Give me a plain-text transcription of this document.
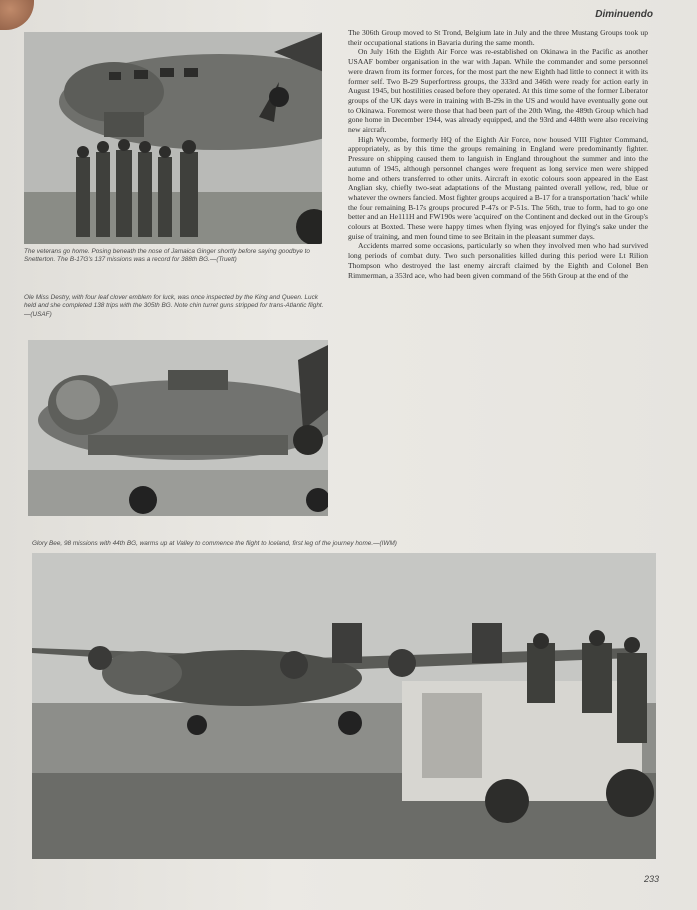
Diminuendo
The veterans go home. Posing beneath the nose of Jamaica Ginger shortly before saying goodbye to Snetterton. The B-17G's 137 missions was a record for 388th BG.—(Truett)
Ole Miss Destry, with four leaf clover emblem for luck, was once inspected by the King and Queen. Luck held and she completed 138 trips with the 305th BG. Note chin turret guns stripped for trans-Atlantic flight.—(USAF)

The 306th Group moved to St Trond, Belgium late in July and the three Mustang Groups took up their occupational stations in Bavaria during the same month.

On July 16th the Eighth Air Force was re-established on Okinawa in the Pacific as another USAAF bomber organisation in the war with Japan. While the commander and some personnel were drawn from its former forces, for the most part the new Eighth had little to connect it with its former self. Two B-29 Superfortress groups, the 333rd and 346th were ready for action early in August 1945, but hostilities ceased before they operated. At this time some of the former Liberator groups of the UK days were in training with B-29s in the US and would have eventually gone out to Okinawa. Foremost were those that had been part of the 20th Wing, the 489th Group which had gone home in December 1944, was already equipped, and the 93rd and 448th were also receiving new aircraft.

High Wycombe, formerly HQ of the Eighth Air Force, now housed VIII Fighter Command, appropriately, as by this time the groups remaining in England were predominantly fighter. Pressure on shipping caused them to languish in England throughout the summer and into the autumn of 1945, although personnel changes were frequent as long service men were shipped home and others transferred to other units. Aircraft in exotic colours soon appeared in the East Anglian sky, chiefly two-seat adaptations of the Mustang painted overall yellow, red, blue or whatever the owners fancied. Most fighter groups acquired a B-17 for a transportation 'hack' while the four remaining B-17s groups procured P-47s or P-51s. The 56th, true to form, had to go one better and an He111H and FW190s were 'acquired' on the Continent and decked out in the Group's colours at Boxted. These were happy times when flying was enjoyed for flying's sake under the guise of training, and men found time to see Britain in the pleasant summer days.

Accidents marred some occasions, particularly so when they involved men who had survived long periods of combat duty. Two such personalities killed during this period were Lt Rilion Thompson who destroyed the last enemy aircraft claimed by the Eighth and Colonel Ben Rimmerman, a 353rd ace, who had been given command of the 56th Group at the end of the

Glory Bee, 98 missions with 44th BG, warms up at Valley to commence the flight to Iceland, first leg of the journey home.—(IWM)
233
